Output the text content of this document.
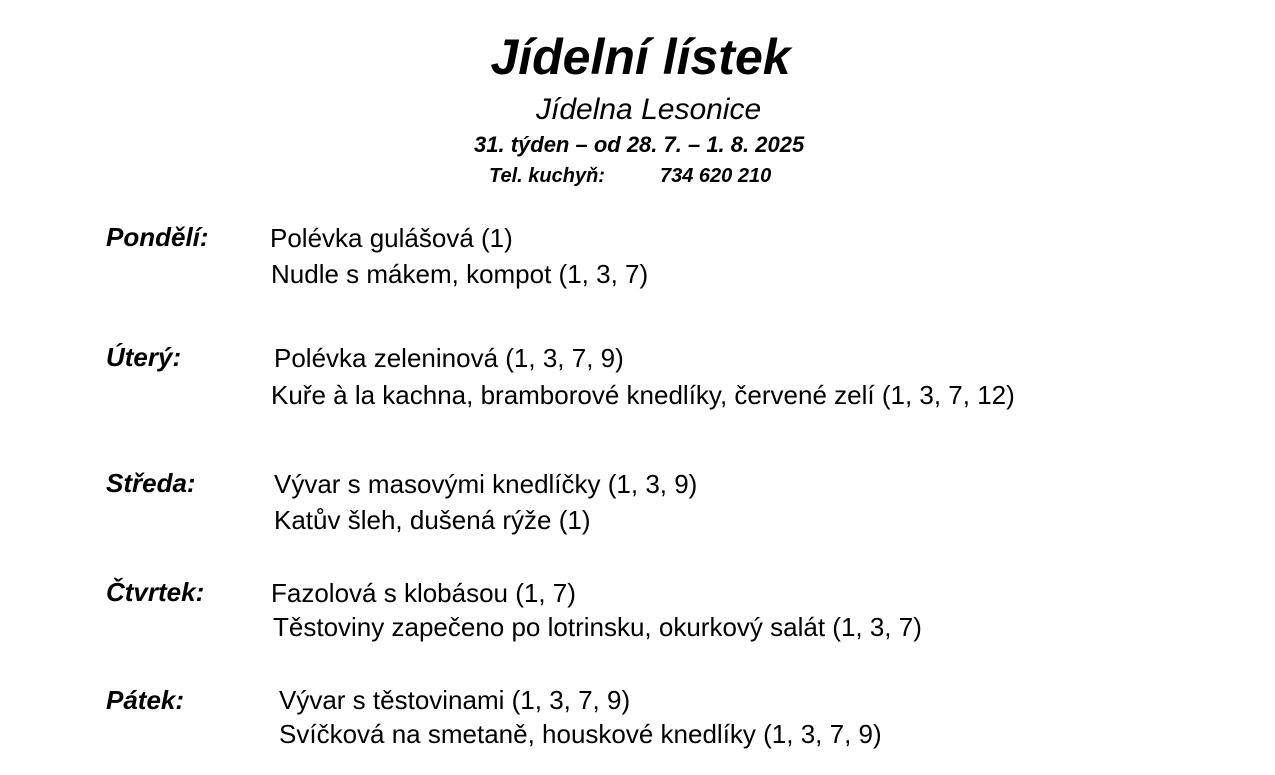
Jídelní lístek
Jídelna Lesonice
31. týden – od 28. 7. – 1. 8. 2025
Tel. kuchyň:	734 620 210
Pondělí: Polévka gulášová (1)
Nudle s mákem, kompot (1, 3, 7)
Úterý:	Polévka zeleninová (1, 3, 7, 9)
Kuře à la kachna, bramborové knedlíky, červené zelí (1, 3, 7, 12)
Středa:	Vývar s masovými knedlíčky (1, 3, 9)
Katův šleh, dušená rýže (1)
Čtvrtek:	Fazolová s klobásou (1, 7)
Těstoviny zapečeno po lotrinsku, okurkový salát (1, 3, 7)
Pátek:	Vývar s těstovinami (1, 3, 7, 9)
Svíčková na smetaně, houskové knedlíky (1, 3, 7, 9)
